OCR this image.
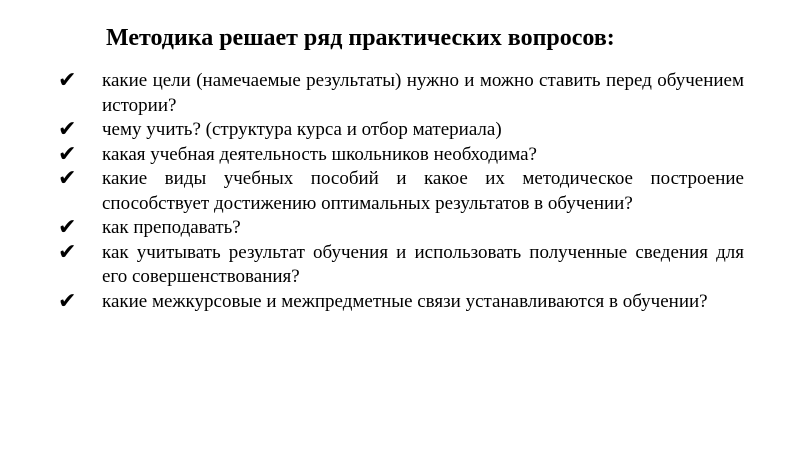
Методика решает ряд практических вопросов:
✔	какие цели (намечаемые результаты) нужно и можно ставить перед обучением истории?
✔	чему учить? (структура курса и отбор материала)
✔	какая учебная деятельность школьников необходима?
✔	какие виды учебных пособий и какое их методическое построение способствует достижению оптимальных результатов в обучении?
✔	как преподавать?
✔	как учитывать результат обучения и использовать полученные сведения для его совершенствования?
✔	какие межкурсовые и межпредметные связи устанавливаются в обучении?
